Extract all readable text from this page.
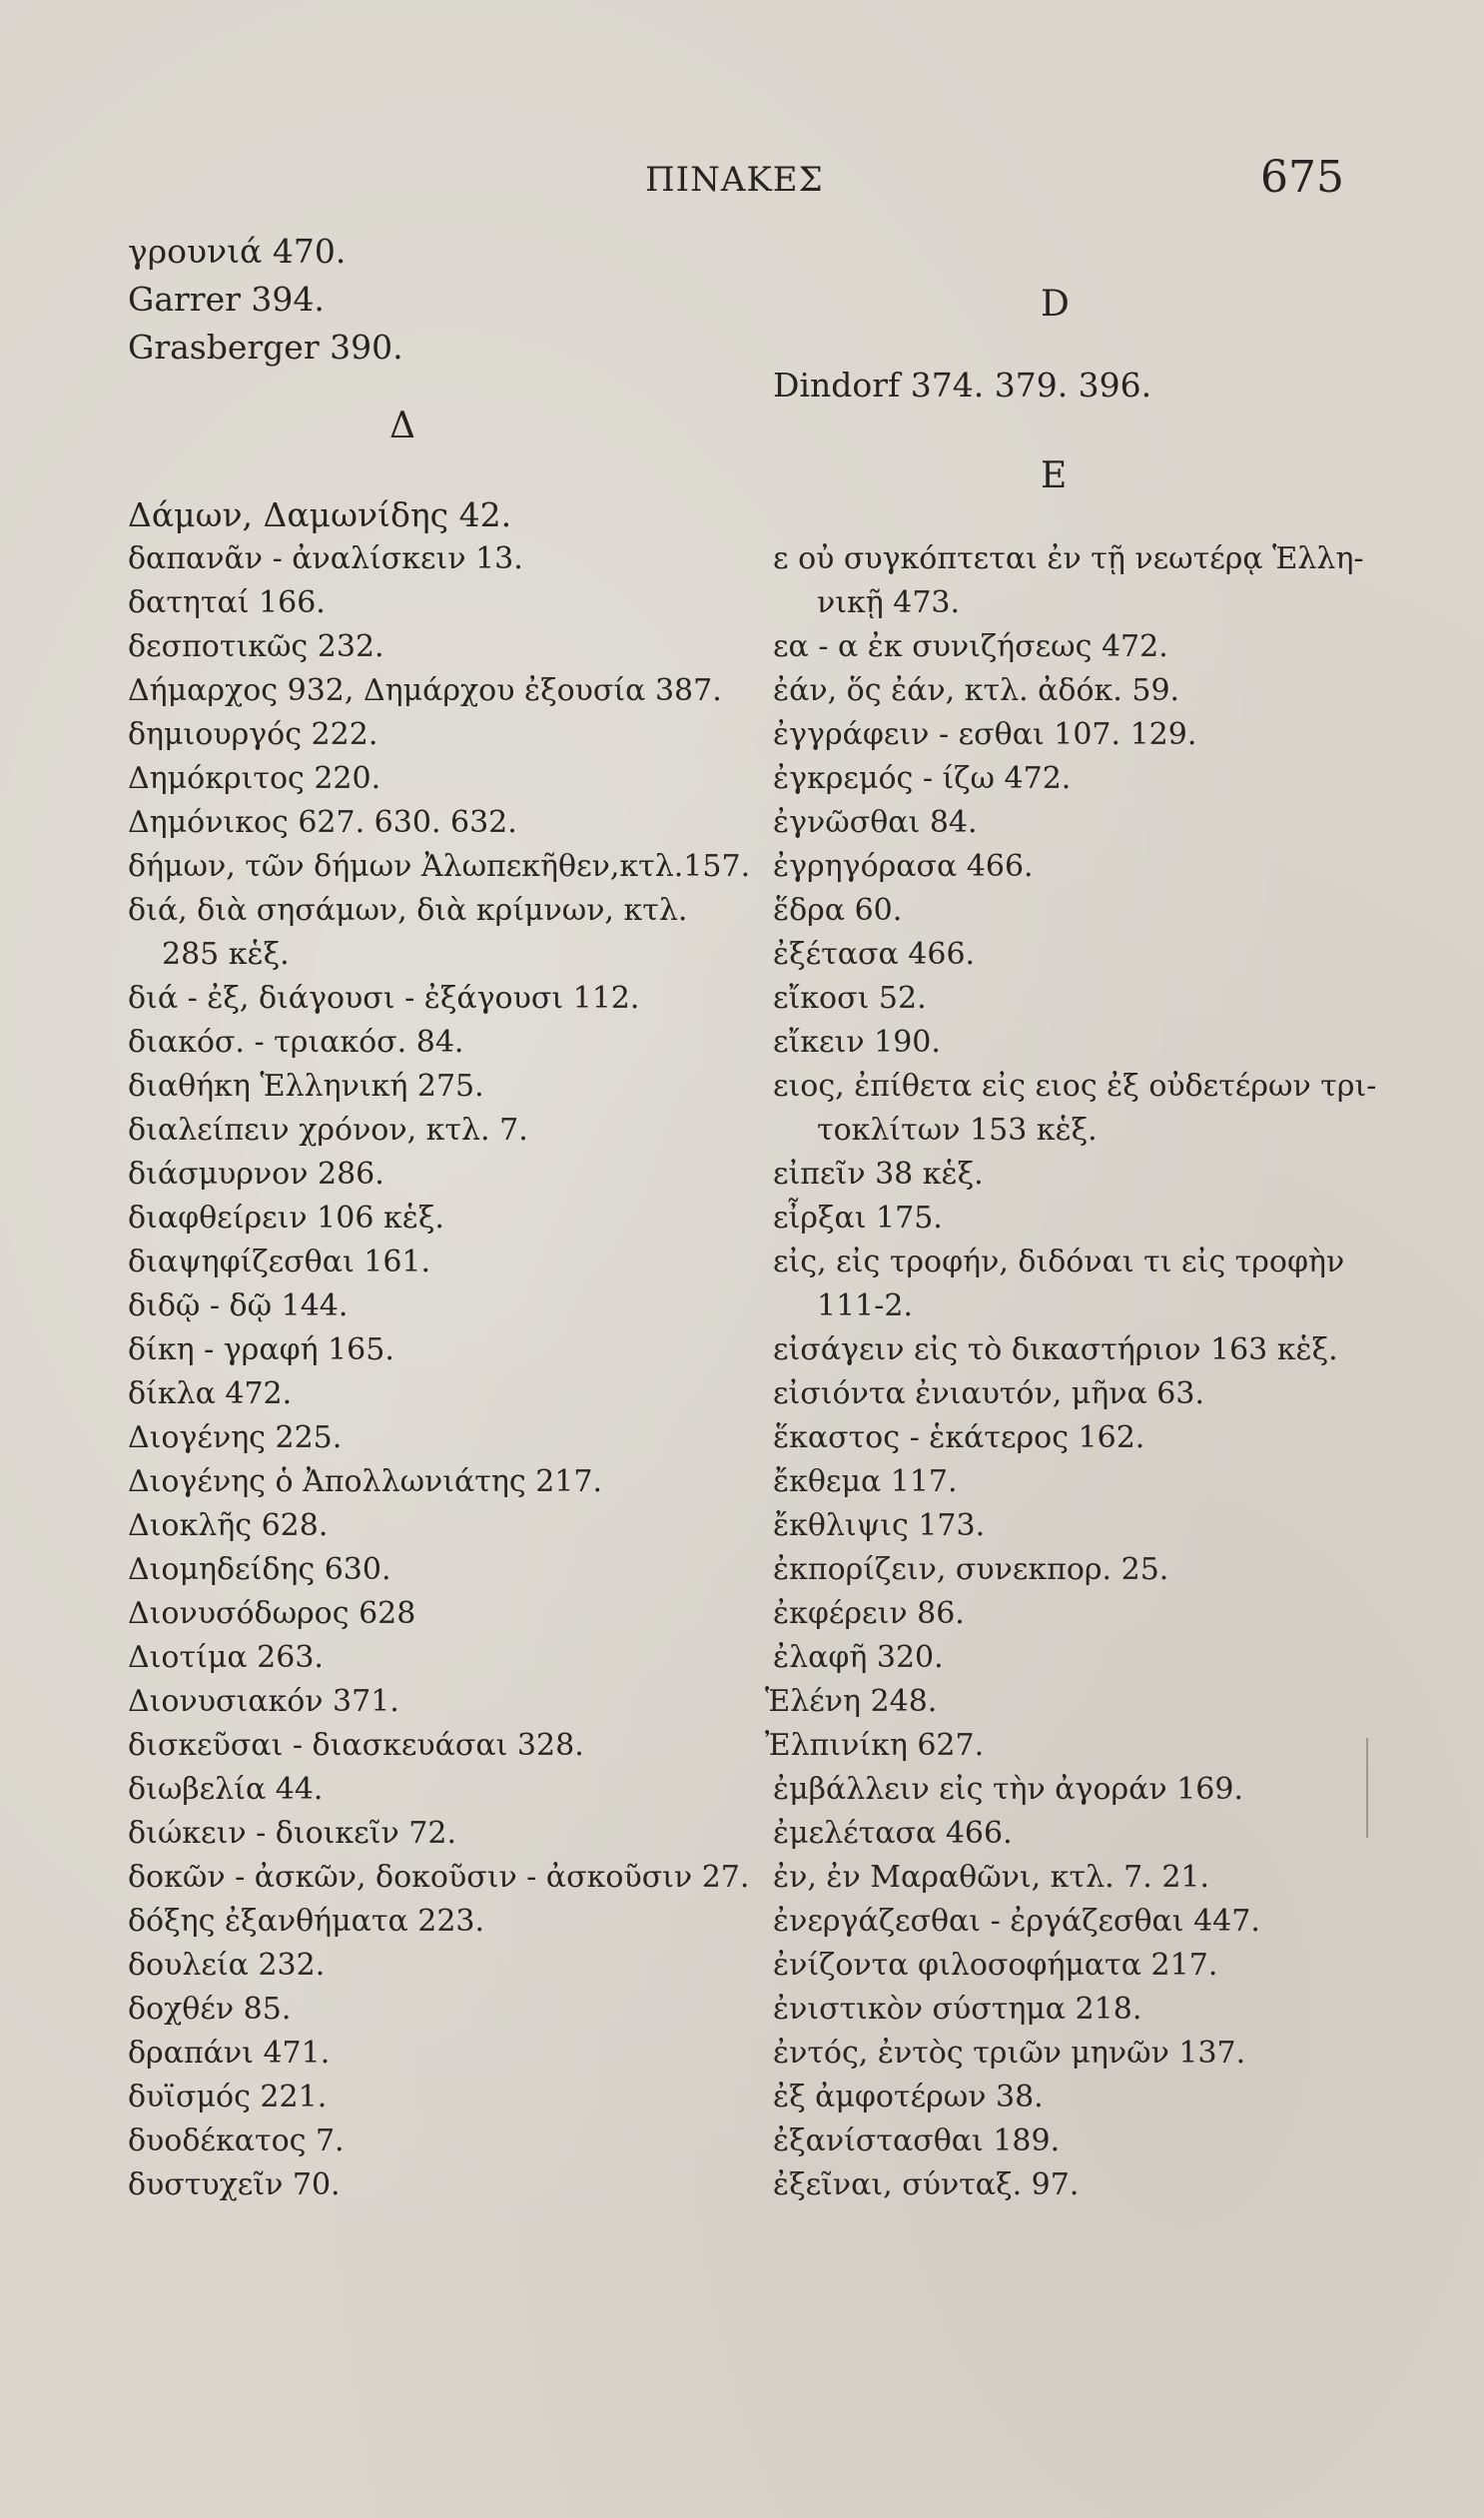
ΠΙΝΑΚΕΣ	675
γρουνιά 470.
Garrer 394.
Grasberger 390.
Δ
Δάμων, Δαμωνίδης 42.
δαπανᾶν - ἀναλίσκειν 13.
δατηταί 166.
δεσποτικῶς 232.
Δήμαρχος 932, Δημάρχου ἐξουσία 387.
δημιουργός 222.
Δημόκριτος 220.
Δημόνικος 627. 630. 632.
δήμων, τῶν δήμων Ἀλωπεκῆθεν,κτλ.157.
διά, διὰ σησάμων, διὰ κρίμνων, κτλ.
285 κἑξ.
διά - ἐξ, διάγουσι - ἐξάγουσι 112.
διακόσ. - τριακόσ. 84.
διαθήκη Ἑλληνική 275.
διαλείπειν χρόνον, κτλ. 7.
διάσμυρνον 286.
διαφθείρειν 106 κἑξ.
διαψηφίζεσθαι 161.
διδῷ - δῷ 144.
δίκη - γραφή 165.
δίκλα 472.
Διογένης 225.
Διογένης ὁ Ἀπολλωνιάτης 217.
Διοκλῆς 628.
Διομηδείδης 630.
Διονυσόδωρος 628
Διοτίμα 263.
Διονυσιακόν 371.
δισκεῦσαι - διασκευάσαι 328.
διωβελία 44.
διώκειν - διοικεῖν 72.
δοκῶν - ἀσκῶν, δοκοῦσιν - ἀσκοῦσιν 27.
δόξης ἐξανθήματα 223.
δουλεία 232.
δοχθέν 85.
δραπάνι 471.
δυϊσμός 221.
δυοδέκατος 7.
δυστυχεῖν 70.
D
Dindorf 374. 379. 396.
E
ε οὐ συγκόπτεται ἐν τῇ νεωτέρᾳ Ἑλλη-
νικῇ 473.
εα - α ἐκ συνιζήσεως 472.
ἐάν, ὅς ἐάν, κτλ. ἀδόκ. 59.
ἐγγράφειν - εσθαι 107. 129.
ἐγκρεμός - ίζω 472.
ἐγνῶσθαι 84.
ἐγρηγόρασα 466.
ἕδρα 60.
ἐξέτασα 466.
εἴκοσι 52.
εἴκειν 190.
ειος, ἐπίθετα εἰς ειος ἐξ οὐδετέρων τρι-
τοκλίτων 153 κἑξ.
εἰπεῖν 38 κἑξ.
εἶρξαι 175.
εἰς, εἰς τροφήν, διδόναι τι εἰς τροφὴν
111-2.
εἰσάγειν εἰς τὸ δικαστήριον 163 κἑξ.
εἰσιόντα ἐνιαυτόν, μῆνα 63.
ἕκαστος - ἑκάτερος 162.
ἔκθεμα 117.
ἔκθλιψις 173.
ἐκπορίζειν, συνεκπορ. 25.
ἐκφέρειν 86.
ἐλαφῆ 320.
Ἑλένη 248.
Ἐλπινίκη 627.
ἐμβάλλειν εἰς τὴν ἀγοράν 169.
ἐμελέτασα 466.
ἐν, ἐν Μαραθῶνι, κτλ. 7. 21.
ἐνεργάζεσθαι - ἐργάζεσθαι 447.
ἐνίζοντα φιλοσοφήματα 217.
ἐνιστικὸν σύστημα 218.
ἐντός, ἐντὸς τριῶν μηνῶν 137.
ἐξ ἀμφοτέρων 38.
ἐξανίστασθαι 189.
ἐξεῖναι, σύνταξ. 97.
